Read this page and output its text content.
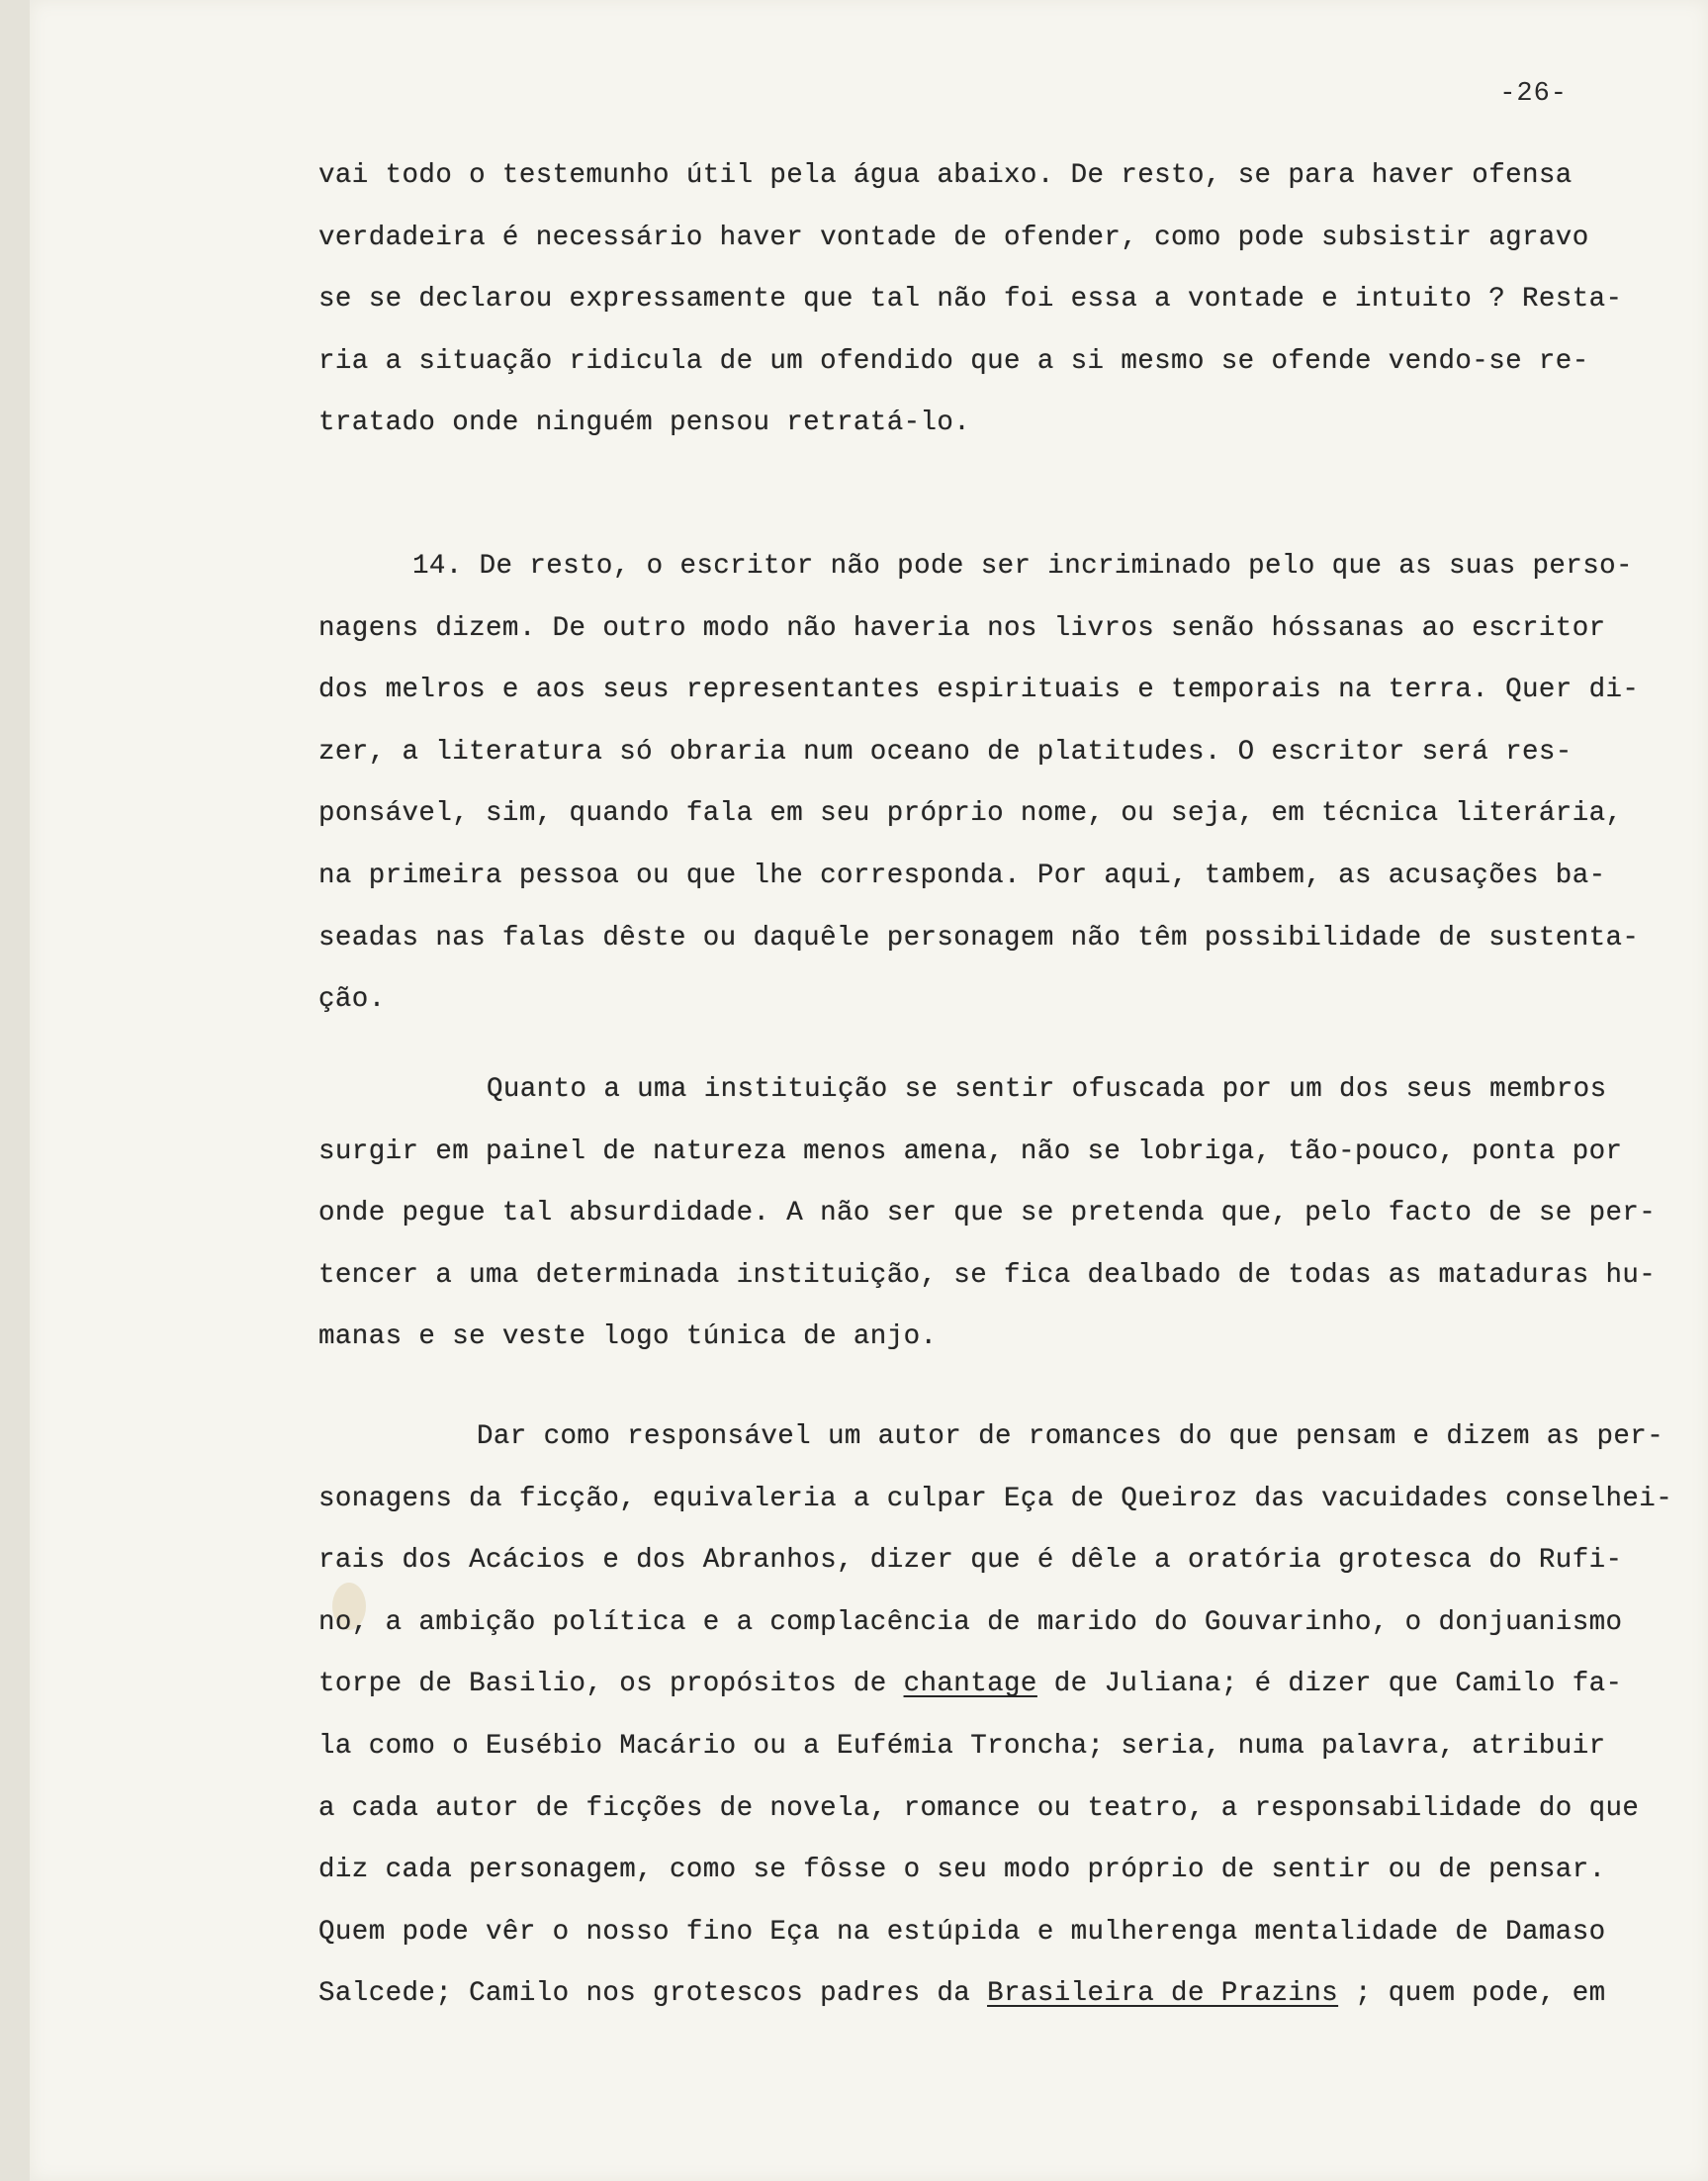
-26-
vai todo o testemunho útil pela água abaixo. De resto, se para haver ofensa
verdadeira é necessário haver vontade de ofender, como pode subsistir agravo
se se declarou expressamente que tal não foi essa a vontade e intuito ? Resta-
ria a situação ridicula de um ofendido que a si mesmo se ofende vendo-se re-
tratado onde ninguém pensou retratá-lo.
14. De resto, o escritor não pode ser incriminado pelo que as suas perso-
nagens dizem. De outro modo não haveria nos livros senão hóssanas ao escritor
dos melros e aos seus representantes espirituais e temporais na terra. Quer di-
zer, a literatura só obraria num oceano de platitudes. O escritor será res-
ponsável, sim, quando fala em seu próprio nome, ou seja, em técnica literária,
na primeira pessoa ou que lhe corresponda. Por aqui, tambem, as acusações ba-
seadas nas falas dêste ou daquêle personagem não têm possibilidade de sustenta-
ção.
Quanto a uma instituição se sentir ofuscada por um dos seus membros
surgir em painel de natureza menos amena, não se lobriga, tão-pouco, ponta por
onde pegue tal absurdidade. A não ser que se pretenda que, pelo facto de se per-
tencer a uma determinada instituição, se fica dealbado de todas as mataduras hu-
manas e se veste logo túnica de anjo.
Dar como responsável um autor de romances do que pensam e dizem as per-
sonagens da ficção, equivaleria a culpar Eça de Queiroz das vacuidades conselhei-
rais dos Acácios e dos Abranhos, dizer que é dêle a oratória grotesca do Rufi-
no, a ambição política e a complacência de marido do Gouvarinho, o donjuanismo
torpe de Basilio, os propósitos de chantage de Juliana; é dizer que Camilo fa-
la como o Eusébio Macário ou a Eufémia Troncha; seria, numa palavra, atribuir
a cada autor de ficções de novela, romance ou teatro, a responsabilidade do que
diz cada personagem, como se fôsse o seu modo próprio de sentir ou de pensar.
Quem pode vêr o nosso fino Eça na estúpida e mulherenga mentalidade de Damaso
Salcede; Camilo nos grotescos padres da Brasileira de Prazins ; quem pode, em
